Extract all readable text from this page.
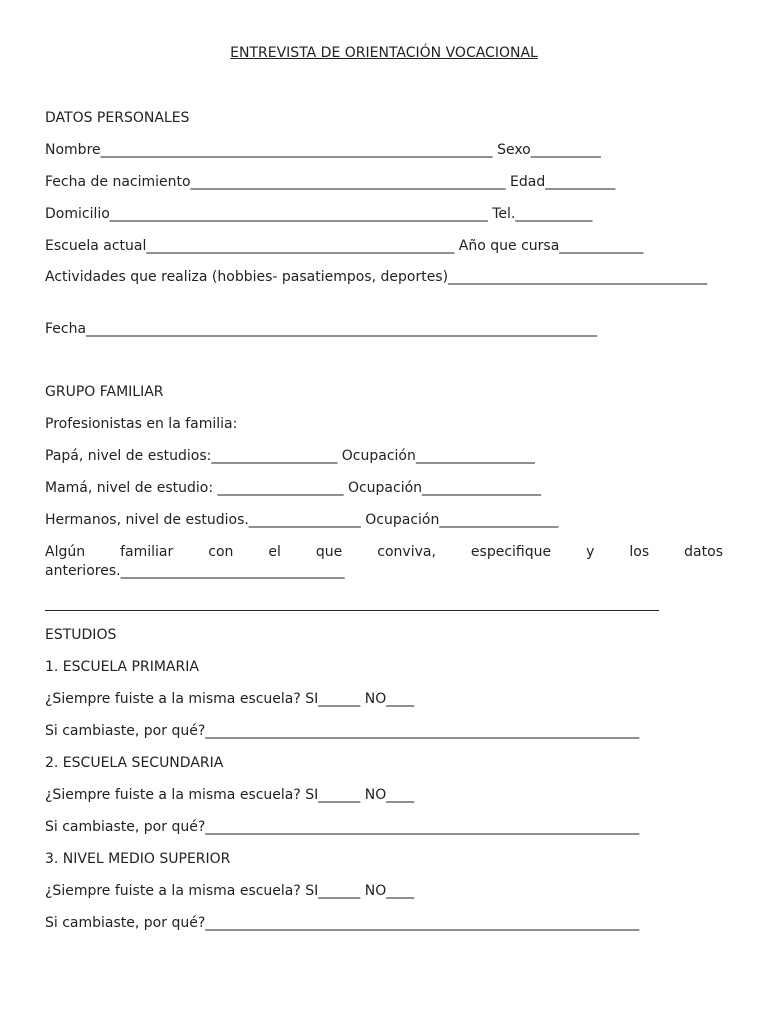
ENTREVISTA DE ORIENTACIÓN VOCACIONAL
DATOS PERSONALES
Nombre________________________________________________________ Sexo__________
Fecha de nacimiento_____________________________________________ Edad__________
Domicilio______________________________________________________ Tel.___________
Escuela actual____________________________________________ Año que cursa____________
Actividades que realiza (hobbies- pasatiempos, deportes)_____________________________________
Fecha_________________________________________________________________________
GRUPO FAMILIAR
Profesionistas en la familia:
Papá, nivel de estudios:__________________ Ocupación_________________
Mamá, nivel de estudio: __________________ Ocupación_________________
Hermanos, nivel de estudios.________________ Ocupación_________________
Algún familiar con el que conviva, especifique y los datos anteriores.________________________________
ESTUDIOS
1. ESCUELA PRIMARIA
¿Siempre fuiste a la misma escuela? SI______ NO____
Si cambiaste, por qué?______________________________________________________________
2. ESCUELA SECUNDARIA
¿Siempre fuiste a la misma escuela? SI______ NO____
Si cambiaste, por qué?______________________________________________________________
3. NIVEL MEDIO SUPERIOR
¿Siempre fuiste a la misma escuela? SI______ NO____
Si cambiaste, por qué?______________________________________________________________
